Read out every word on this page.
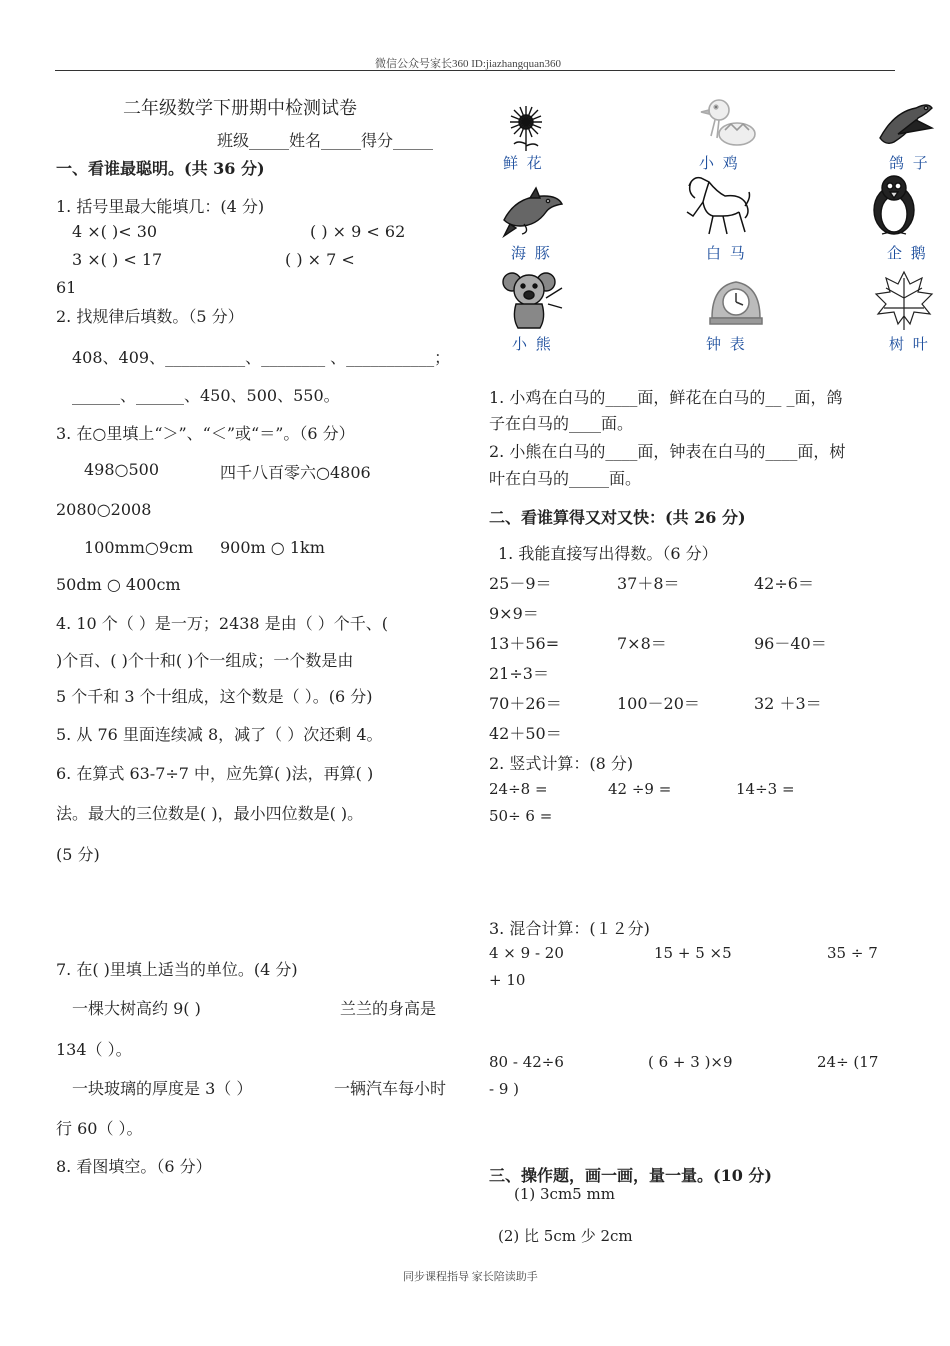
微信公众号家长360 ID:jiazhangquan360
同步课程指导 家长陪读助手
二年级数学下册期中检测试卷
班级_____姓名_____得分_____
一、看谁最聪明。(共 36 分)
1. 括号里最大能填几：(4 分)
4 ×( )< 30	( ) × 9 < 62
3 ×( ) < 17	( ) × 7 <
61
2. 找规律后填数。（5 分）
408、409、__________、________ 、___________；
______、______、450、500、550。
3. 在○里填上“＞”、“＜”或“＝”。（6 分）
498○500	四千八百零六○4806
2080○2008
100mm○9cm 900m ○ 1km
50dm ○ 400cm
4. 10 个（ ）是一万；2438 是由（ ）个千、(
)个百、( )个十和( )个一组成；一个数是由
5 个千和 3 个十组成，这个数是（ ）。(6 分)
5. 从 76 里面连续减 8，减了（ ）次还剩 4。
6. 在算式 63-7÷7 中，应先算( )法，再算( )
法。最大的三位数是( )，最小四位数是( )。
(5 分)
7. 在( )里填上适当的单位。(4 分)
一棵大树高约 9( )	兰兰的身高是
134（ ）。
一块玻璃的厚度是 3（ ）	一辆汽车每小时
行 60（ ）。
8. 看图填空。（6 分）
鲜 花	小 鸡	鸽 子
海 豚	白 马	企 鹅
小 熊	钟 表	树 叶
1. 小鸡在白马的____面，鲜花在白马的__ _面，鸽
子在白马的____面。
2. 小熊在白马的____面，钟表在白马的____面，树
叶在白马的_____面。
二、看谁算得又对又快：(共 26 分)
1. 我能直接写出得数。（6 分）
25－9＝	37＋8＝	42÷6＝
9×9＝
13＋56=	7×8＝	96－40＝
21÷3＝
70＋26＝	100－20＝	32 ＋3＝
42＋50＝
2. 竖式计算：(8 分)
24÷8 =	42 ÷9 =	14÷3 =
50÷ 6 =
3. 混合计算：(１２分)
4 × 9 - 20	15 + 5 ×5	35 ÷ 7
+ 10
80 - 42÷6	( 6 + 3 )×9	24÷ (17
- 9 )
三、操作题，画一画，量一量。(10 分)
(1) 3cm5 mm
(2) 比 5cm 少 2cm
